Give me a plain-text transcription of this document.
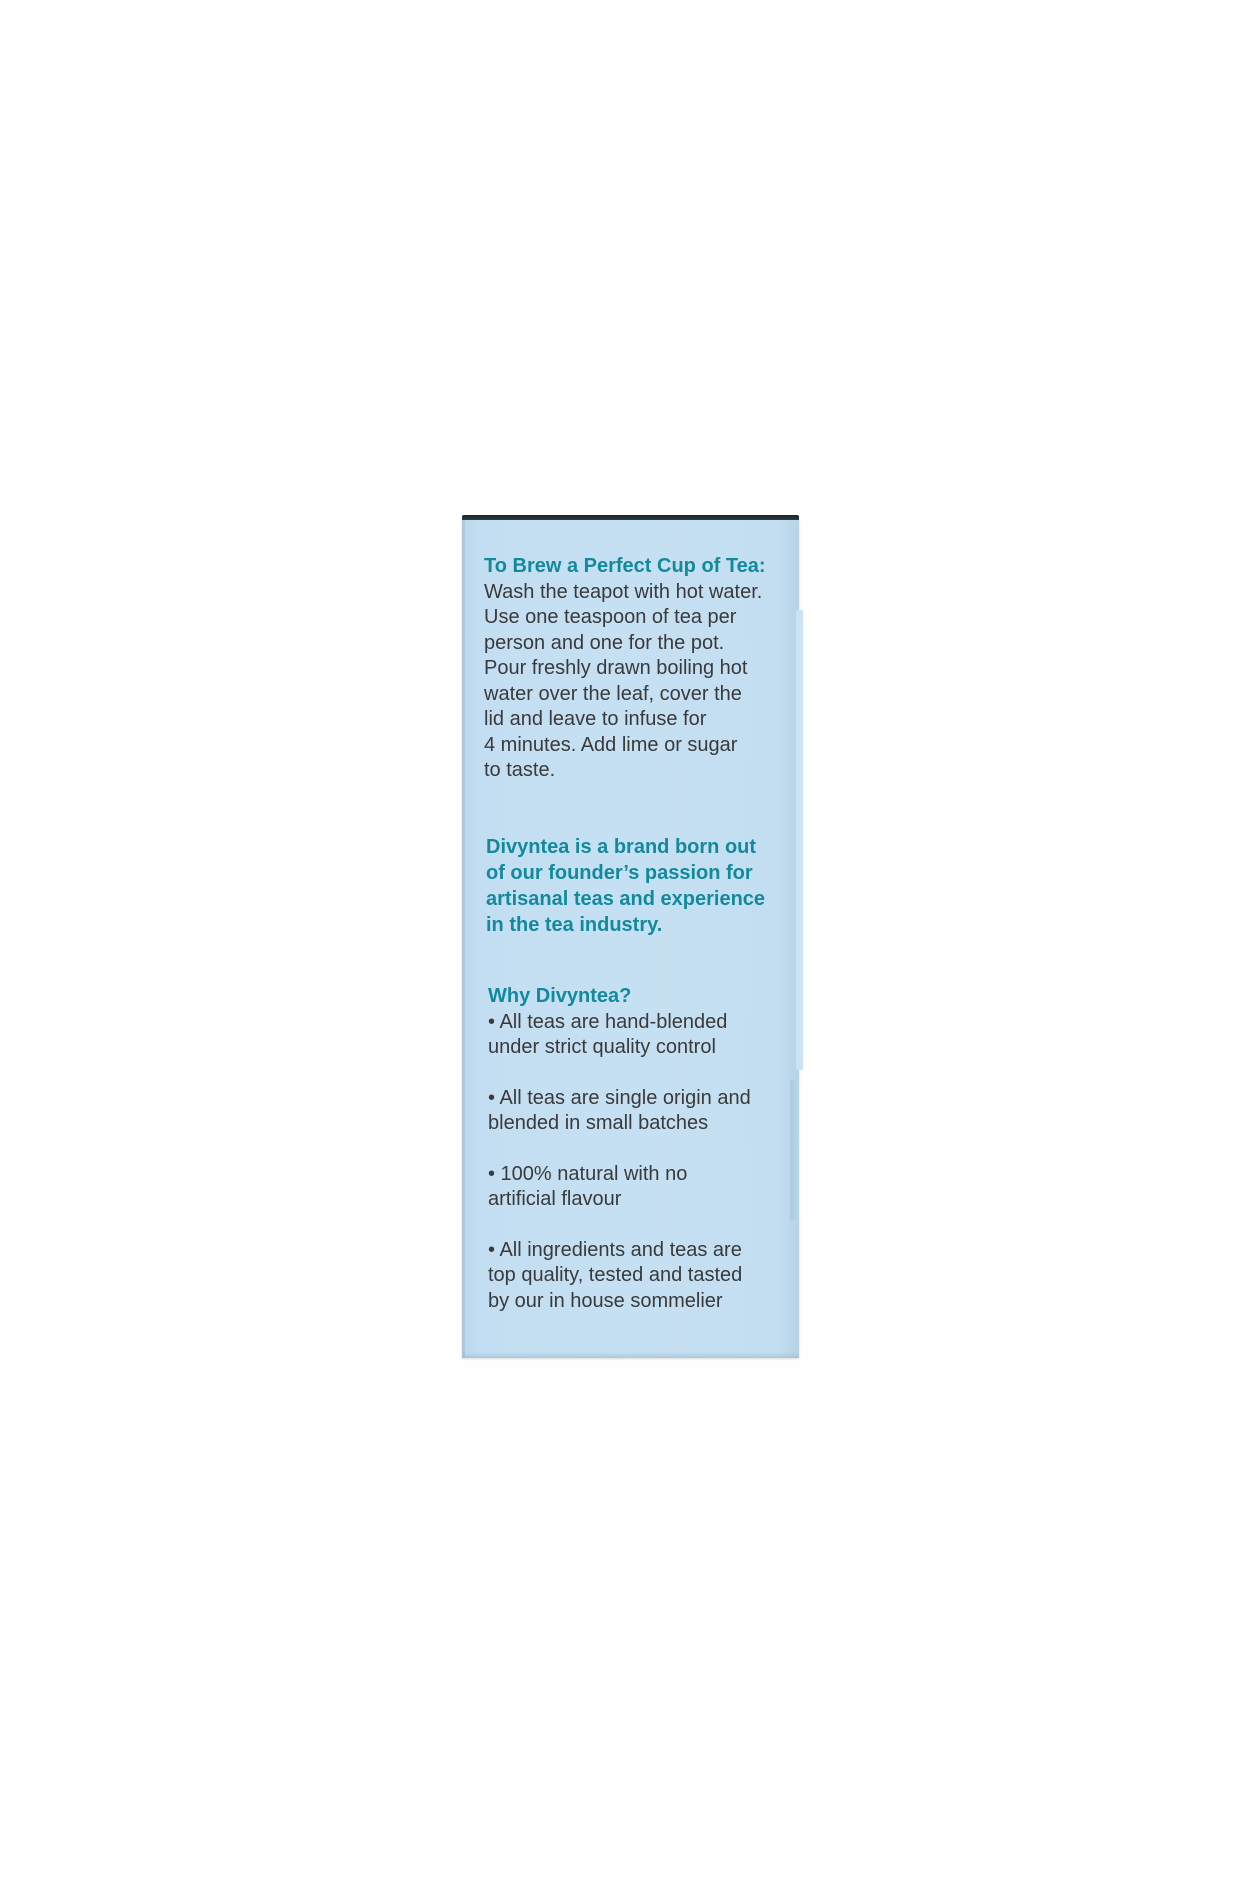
To Brew a Perfect Cup of Tea:
Wash the teapot with hot water.
Use one teaspoon of tea per
person and one for the pot.
Pour freshly drawn boiling hot
water over the leaf, cover the
lid and leave to infuse for
4 minutes. Add lime or sugar
to taste.
Divyntea is a brand born out
of our founder’s passion for
artisanal teas and experience
in the tea industry.
Why Divyntea?
• All teas are hand-blended
under strict quality control
• All teas are single origin and
blended in small batches
• 100% natural with no
artificial flavour
• All ingredients and teas are
top quality, tested and tasted
by our in house sommelier
